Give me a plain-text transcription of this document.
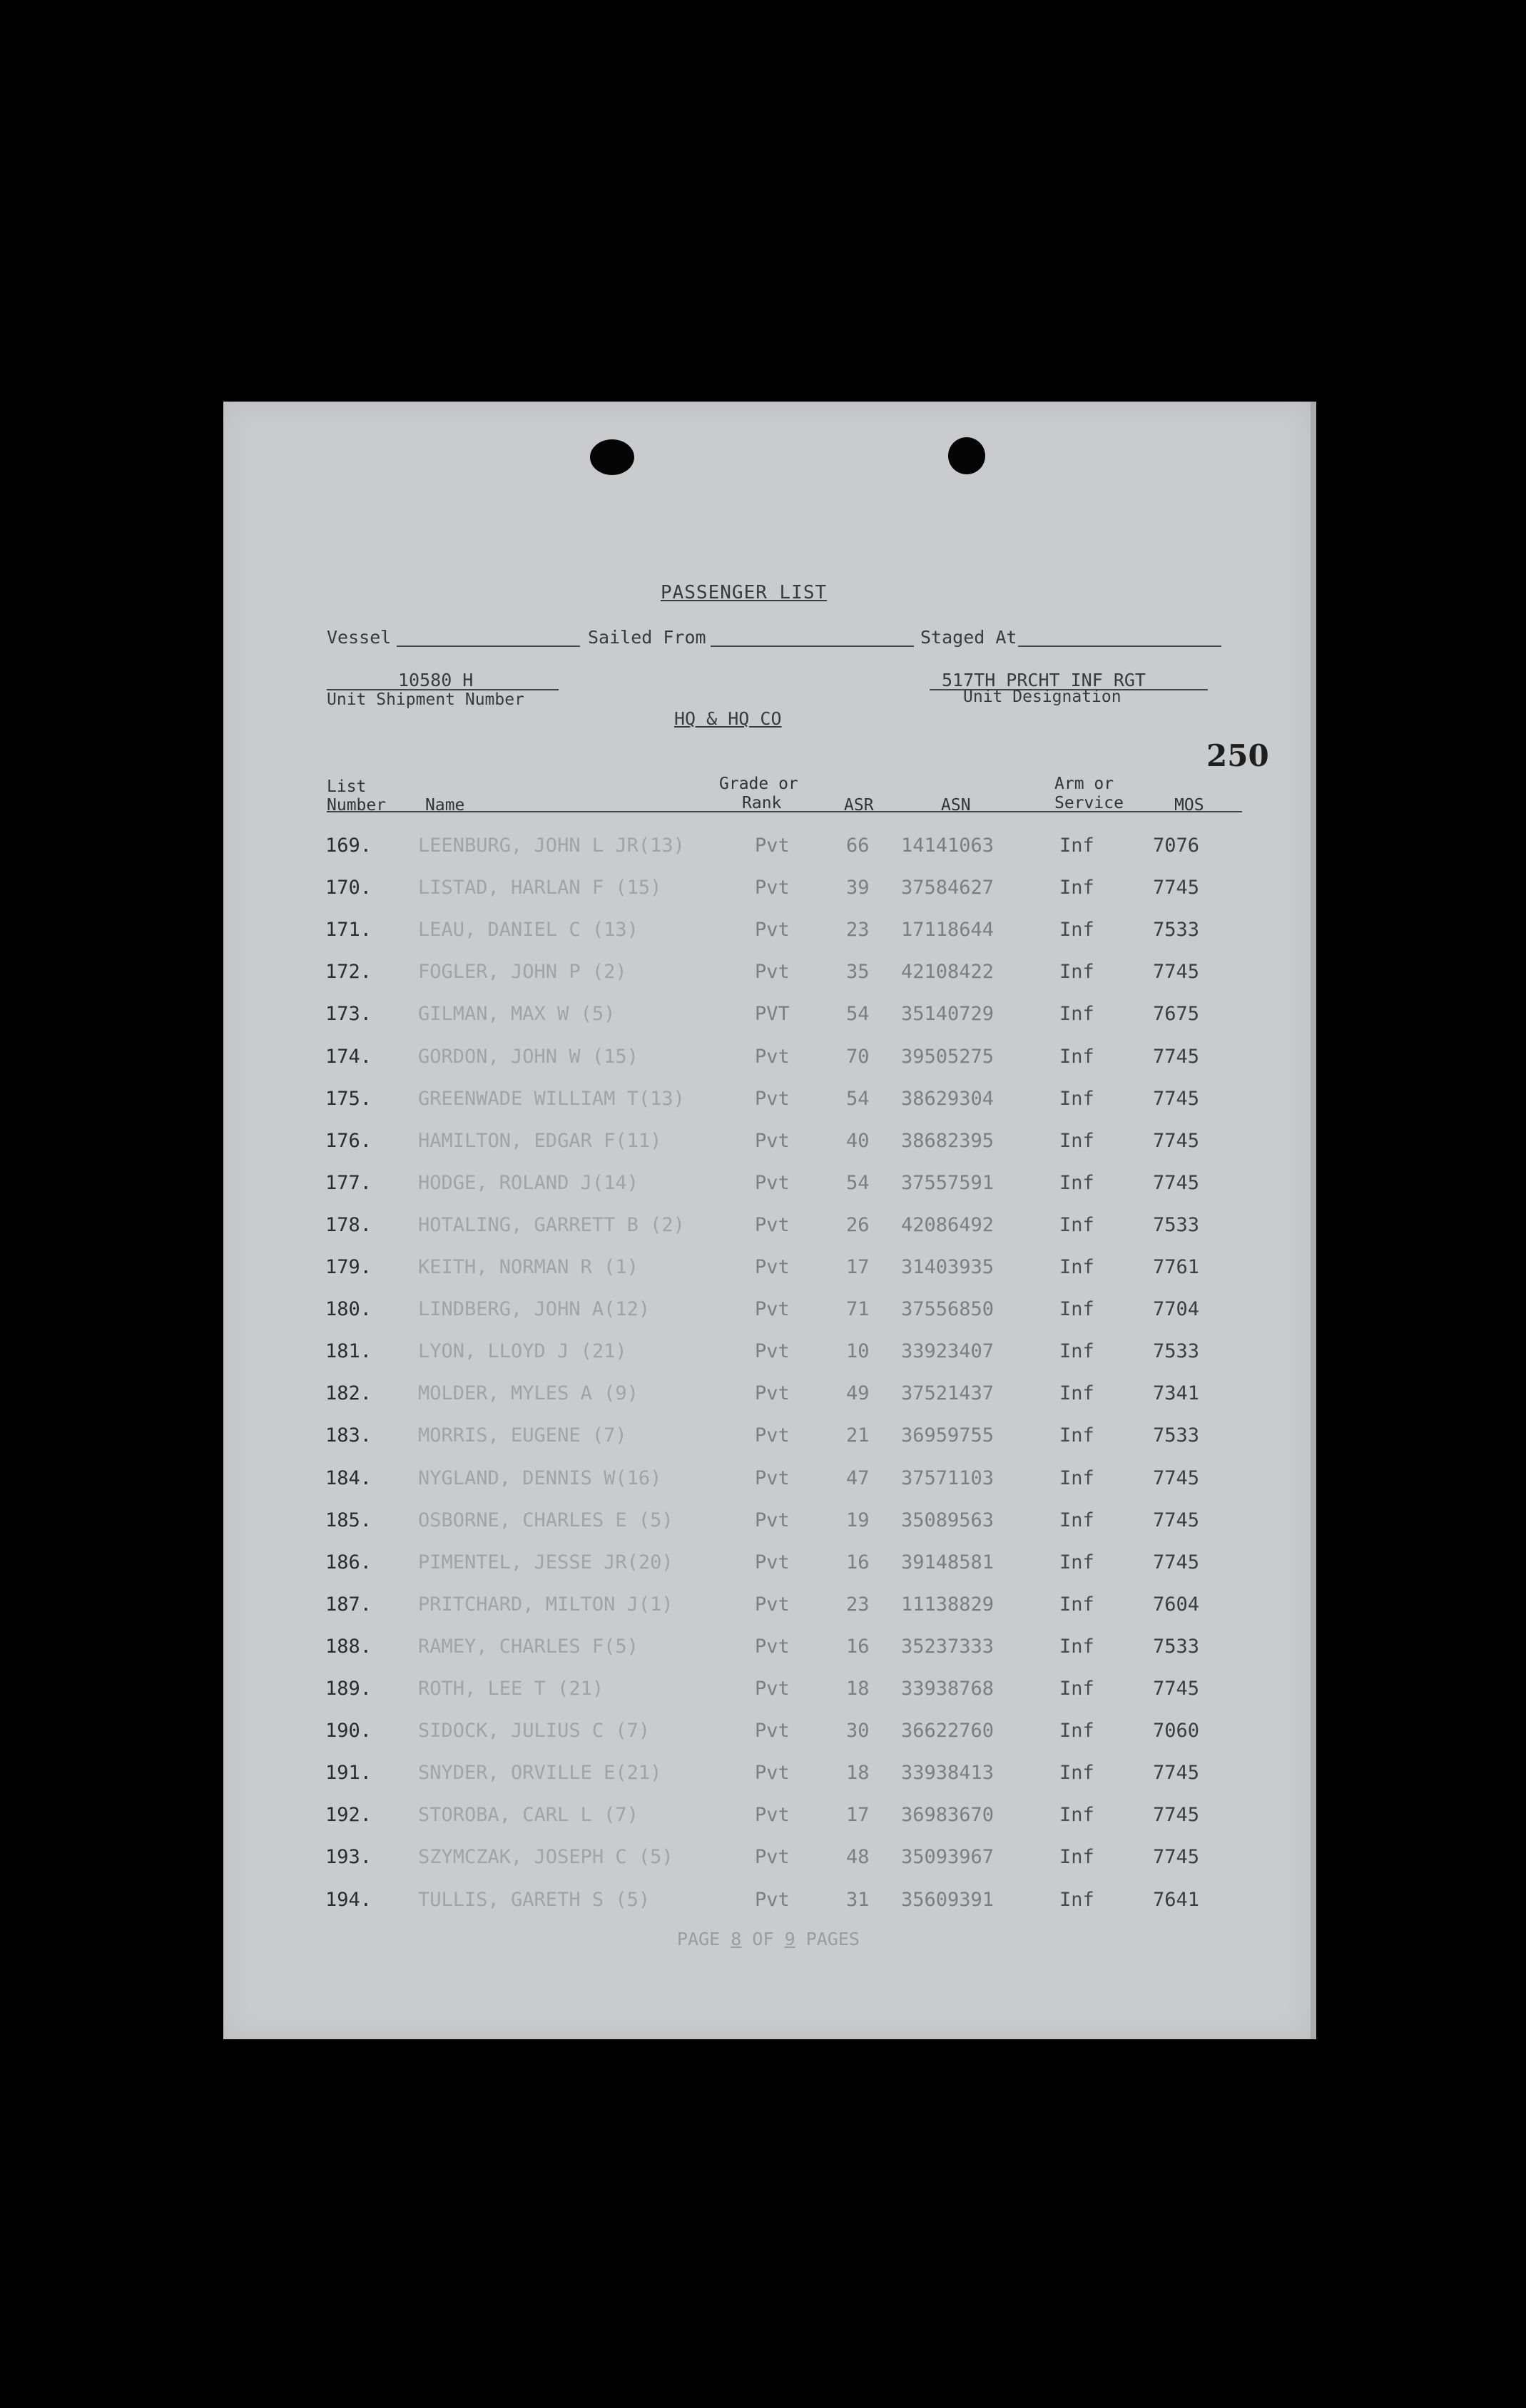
PASSENGER LIST
Vessel	Sailed From	Staged At
10580 H
Unit Shipment Number
517TH PRCHT INF RGT
Unit Designation
HQ & HQ CO
250
List
Number Name
Grade or
Rank	ASR	ASN
Arm or
Service	MOS
169. LEENBURG, JOHN L JR(13)	Pvt	66 14141063	Inf	7076
170. LISTAD, HARLAN F (15)	Pvt	39 37584627	Inf	7745
171. LEAU, DANIEL C (13)	Pvt	23 17118644	Inf	7533
172. FOGLER, JOHN P (2)	Pvt	35 42108422	Inf	7745
173. GILMAN, MAX W (5)	PVT	54 35140729	Inf	7675
174. GORDON, JOHN W (15)	Pvt	70 39505275	Inf	7745
175. GREENWADE WILLIAM T(13)	Pvt	54 38629304	Inf	7745
176. HAMILTON, EDGAR F(11)	Pvt	40 38682395	Inf	7745
177. HODGE, ROLAND J(14)	Pvt	54 37557591	Inf	7745
178. HOTALING, GARRETT B (2)	Pvt	26 42086492	Inf	7533
179. KEITH, NORMAN R (1)	Pvt	17 31403935	Inf	7761
180. LINDBERG, JOHN A(12)	Pvt	71 37556850	Inf	7704
181. LYON, LLOYD J (21)	Pvt	10 33923407	Inf	7533
182. MOLDER, MYLES A (9)	Pvt	49 37521437	Inf	7341
183. MORRIS, EUGENE (7)	Pvt	21 36959755	Inf	7533
184. NYGLAND, DENNIS W(16)	Pvt	47 37571103	Inf	7745
185. OSBORNE, CHARLES E (5)	Pvt	19 35089563	Inf	7745
186. PIMENTEL, JESSE JR(20)	Pvt	16 39148581	Inf	7745
187. PRITCHARD, MILTON J(1)	Pvt	23 11138829	Inf	7604
188. RAMEY, CHARLES F(5)	Pvt	16 35237333	Inf	7533
189. ROTH, LEE T (21)	Pvt	18 33938768	Inf	7745
190. SIDOCK, JULIUS C (7)	Pvt	30 36622760	Inf	7060
191. SNYDER, ORVILLE E(21)	Pvt	18 33938413	Inf	7745
192. STOROBA, CARL L (7)	Pvt	17 36983670	Inf	7745
193. SZYMCZAK, JOSEPH C (5)	Pvt	48 35093967	Inf	7745
194. TULLIS, GARETH S (5)	Pvt	31 35609391	Inf	7641
PAGE 8 OF 9 PAGES
